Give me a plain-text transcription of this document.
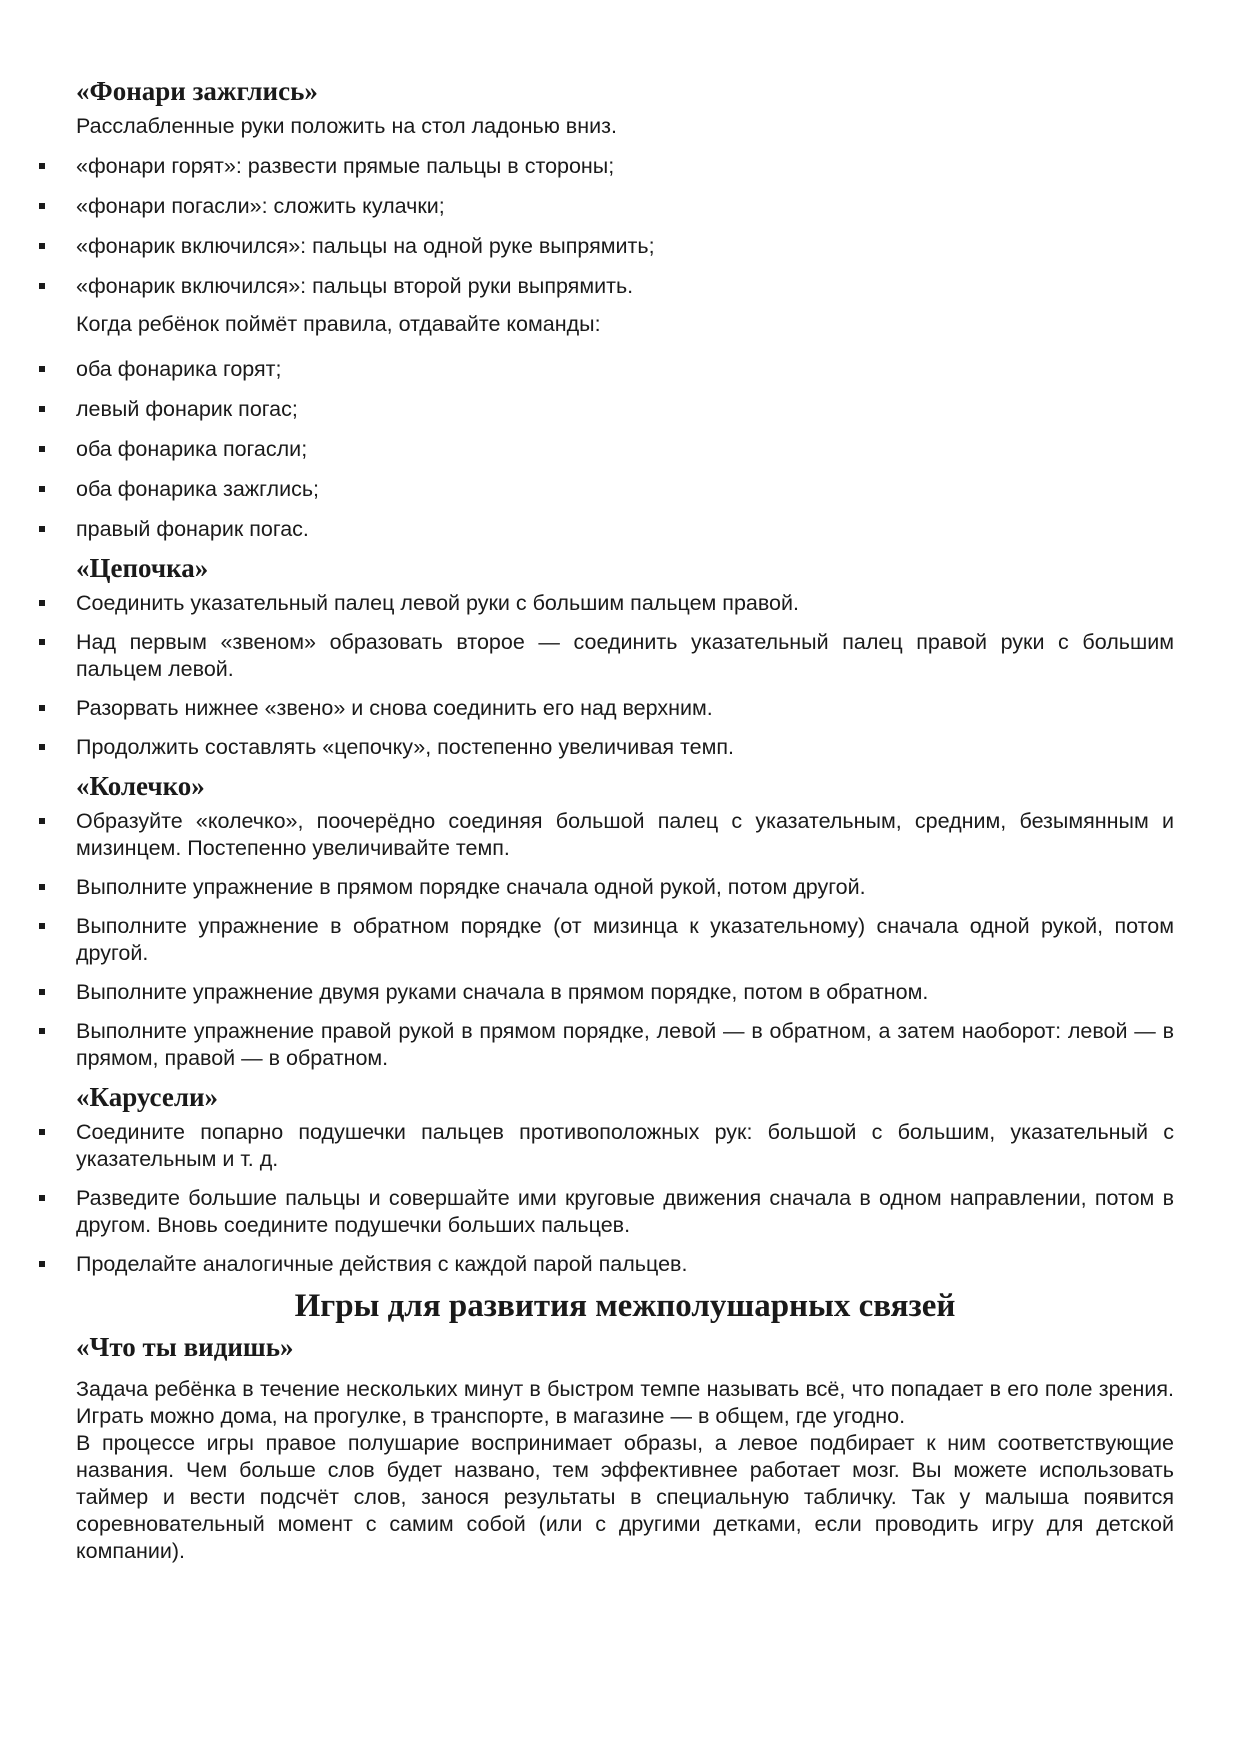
«Фонари зажглись»

Расслабленные руки положить на стол ладонью вниз.

«фонари горят»: развести прямые пальцы в стороны;
«фонари погасли»: сложить кулачки;
«фонарик включился»: пальцы на одной руке выпрямить;
«фонарик включился»: пальцы второй руки выпрямить.

Когда ребёнок поймёт правила, отдавайте команды:

оба фонарика горят;
левый фонарик погас;
оба фонарика погасли;
оба фонарика зажглись;
правый фонарик погас.
«Цепочка»
Соединить указательный палец левой руки с большим пальцем правой.
Над первым «звеном» образовать второе — соединить указательный палец правой руки с большим пальцем левой.
Разорвать нижнее «звено» и снова соединить его над верхним.
Продолжить составлять «цепочку», постепенно увеличивая темп.
«Колечко»
Образуйте «колечко», поочерёдно соединяя большой палец с указательным, средним, безымянным и мизинцем. Постепенно увеличивайте темп.
Выполните упражнение в прямом порядке сначала одной рукой, потом другой.
Выполните упражнение в обратном порядке (от мизинца к указательному) сначала одной рукой, потом другой.
Выполните упражнение двумя руками сначала в прямом порядке, потом в обратном.
Выполните упражнение правой рукой в прямом порядке, левой — в обратном, а затем наоборот: левой — в прямом, правой — в обратном.
«Карусели»
Соедините попарно подушечки пальцев противоположных рук: большой с большим, указательный с указательным и т. д.
Разведите большие пальцы и совершайте ими круговые движения сначала в одном направлении, потом в другом. Вновь соедините подушечки больших пальцев.
Проделайте аналогичные действия с каждой парой пальцев.
Игры для развития межполушарных связей
«Что ты видишь»

Задача ребёнка в течение нескольких минут в быстром темпе называть всё, что попадает в его поле зрения. Играть можно дома, на прогулке, в транспорте, в магазине — в общем, где угодно.

В процессе игры правое полушарие воспринимает образы, а левое подбирает к ним соответствующие названия. Чем больше слов будет названо, тем эффективнее работает мозг. Вы можете использовать таймер и вести подсчёт слов, занося результаты в специальную табличку. Так у малыша появится соревновательный момент с самим собой (или с другими детками, если проводить игру для детской компании).
